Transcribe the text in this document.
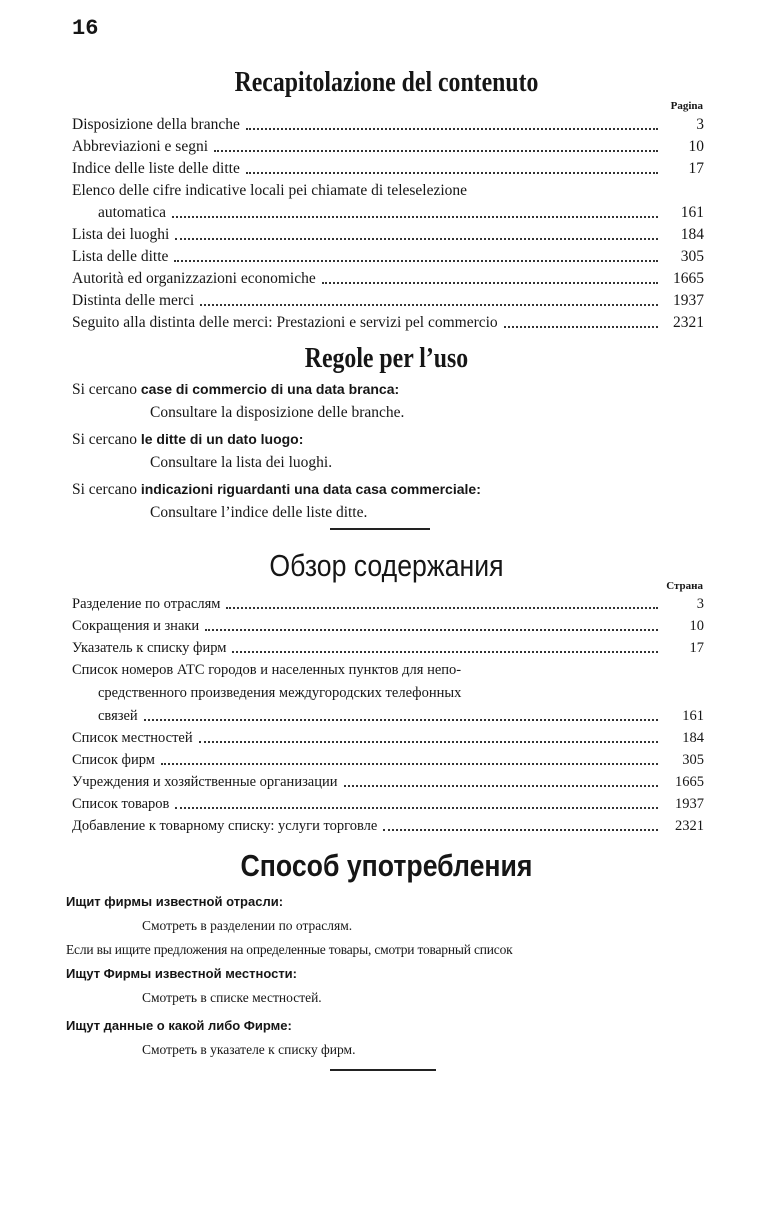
16
Recapitolazione del contenuto
Pagina
Disposizione della branche	3
Abbreviazioni e segni	10
Indice delle liste delle ditte	17
Elenco delle cifre indicative locali pei chiamate di teleselezione
automatica	161
Lista dei luoghi	184
Lista delle ditte	305
Autorità ed organizzazioni economiche	1665
Distinta delle merci	1937
Seguito alla distinta delle merci: Prestazioni e servizi pel commercio	2321
Regole per l’uso
Si cercano case di commercio di una data branca:
Consultare la disposizione delle branche.
Si cercano le ditte di un dato luogo:
Consultare la lista dei luoghi.
Si cercano indicazioni riguardanti una data casa commerciale:
Consultare l’indice delle liste ditte.
Обзор содержания
Страна
Разделение по отраслям	3
Сокращения и знаки	10
Указатель к списку фирм	17
Список номеров АТС городов и населенных пунктов для непо-
средственного произведения междугородских телефонных
связей	161
Список местностей	184
Список фирм	305
Учреждения и хозяйственные организации	1665
Список товаров	1937
Добавление к товарному списку: услуги торговле	2321
Способ употребления
Ищит фирмы известной отрасли:
Смотреть в разделении по отраслям.
Если вы ищите предложения на определенные товары, смотри товарный список
Ищут Фирмы известной местности:
Смотреть в списке местностей.
Ищут данные о какой либо Фирме:
Смотреть в указателе к списку фирм.
